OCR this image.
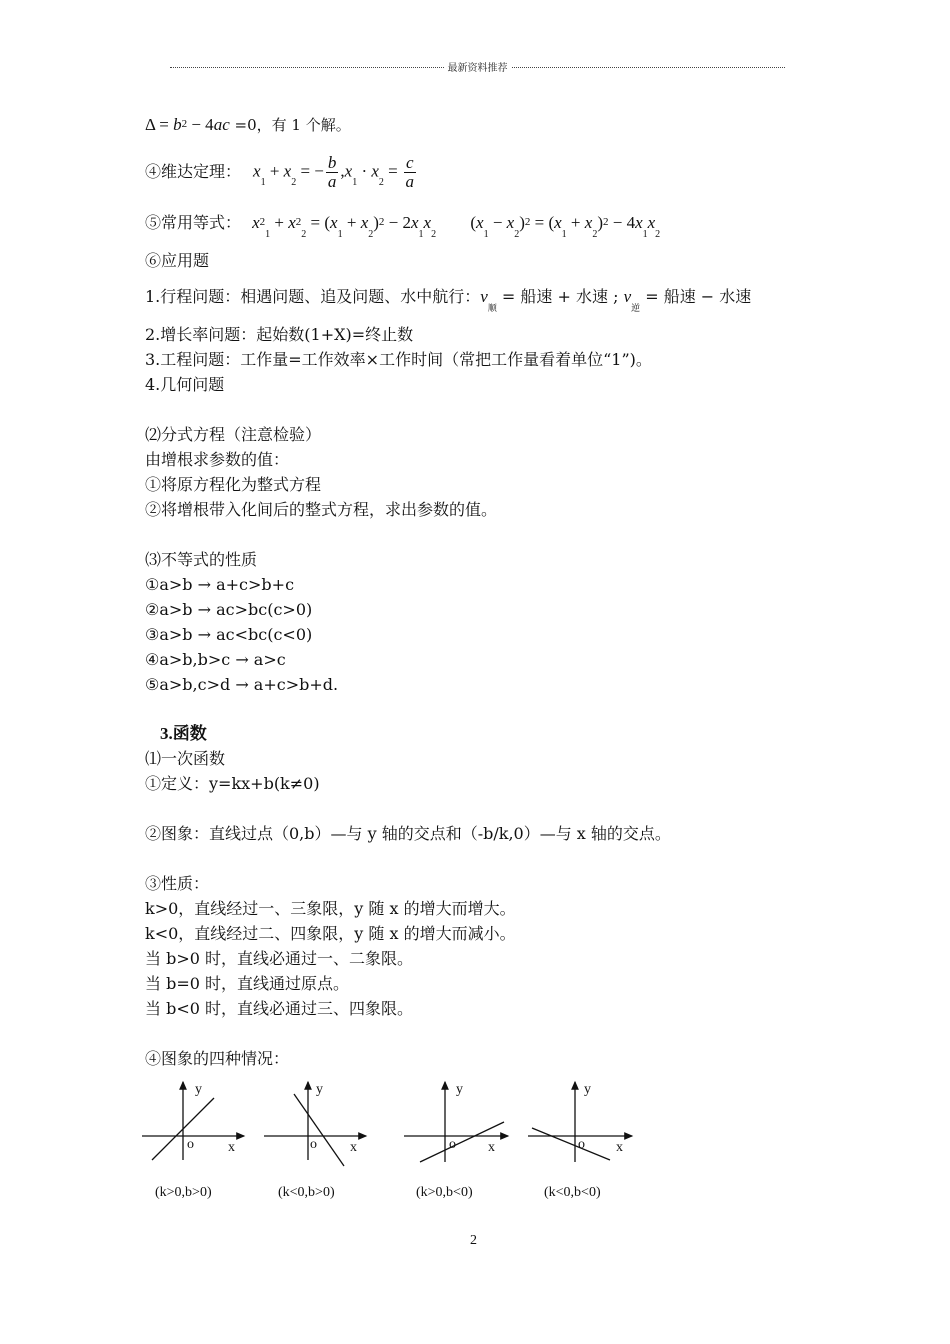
最新资料推荐
Δ = b2 − 4ac =0，有 1 个解。
④维达定理： $x_1 + x_2$ = − $\frac{b}{a} ,x_1 \cdot x_2 = \frac{c}{a}$
⑤常用等式： $x2_1 + x2_2 = (x_1 + x_2)2 - 2x_1x_2$ $(x_1 - x_2)2 = (x_1 + x_2)2 - 4x_1x_2$
⑥应用题
1.行程问题：相遇问题、追及问题、水中航行：$v_顺$ = 船速 + 水速 ; $v_逆$ = 船速 − 水速
2.增长率问题：起始数(1+X)=终止数
3.工程问题：工作量=工作效率×工作时间（常把工作量看着单位“1”)。
4.几何问题
⑵分式方程（注意检验）
由增根求参数的值：
①将原方程化为整式方程
②将增根带入化间后的整式方程，求出参数的值。
⑶不等式的性质
①a>b → a+c>b+c
②a>b → ac>bc(c>0)
③a>b → ac<bc(c<0)
④a>b,b>c → a>c
⑤a>b,c>d → a+c>b+d.
3.函数
⑴一次函数
①定义：y=kx+b(k≠0)
②图象：直线过点（0,b）—与 y 轴的交点和（-b/k,0）—与 x 轴的交点。
③性质：
k>0，直线经过一、三象限，y 随 x 的增大而增大。
k<0，直线经过二、四象限，y 随 x 的增大而减小。
当 b>0 时，直线必通过一、二象限。
当 b=0 时，直线通过原点。
当 b<0 时，直线必通过三、四象限。
④图象的四种情况：
y
x
o
(k>0,b>0)
y
x
o
(k<0,b>0)
y
x
o
(k>0,b<0)
y
x
o
(k<0,b<0)
2
